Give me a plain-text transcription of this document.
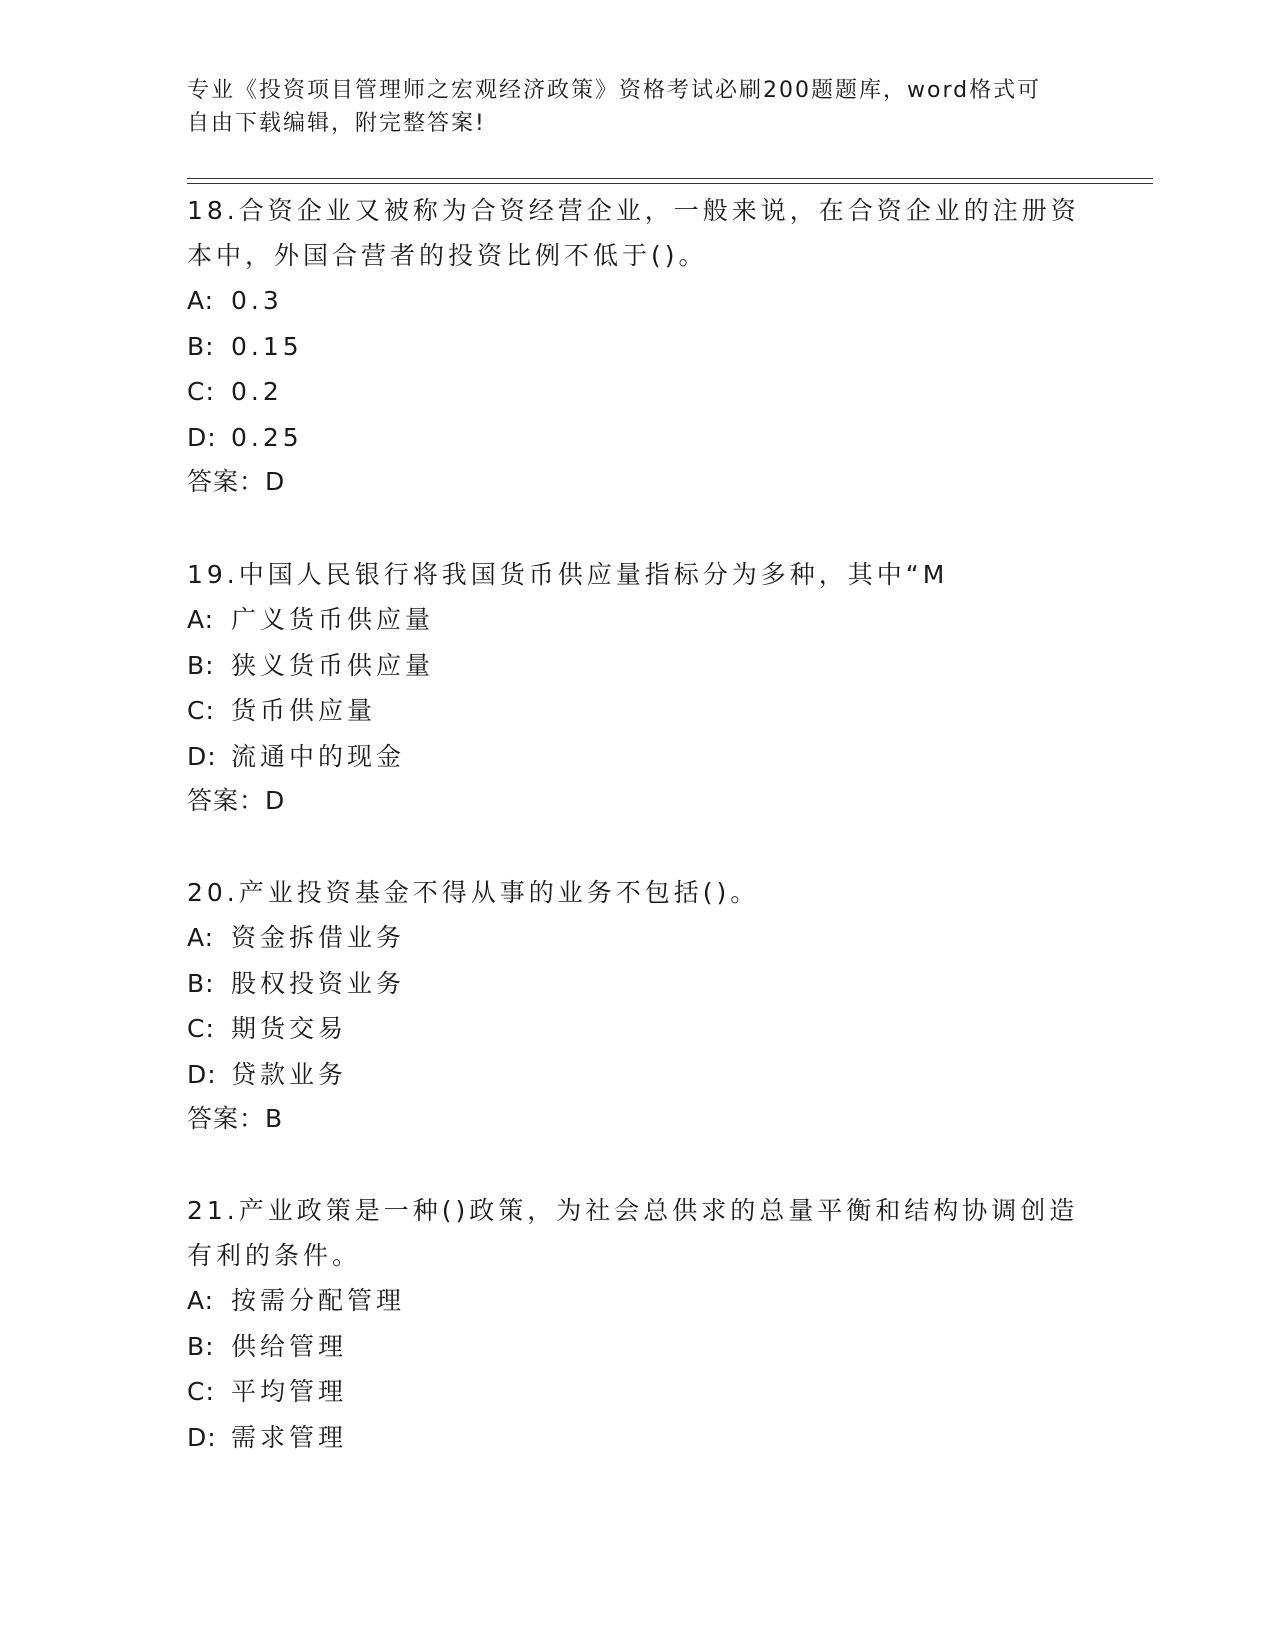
专业《投资项目管理师之宏观经济政策》资格考试必刷200题题库，word格式可
自由下载编辑，附完整答案!

18.合资企业又被称为合资经营企业，一般来说，在合资企业的注册资

本中，外国合营者的投资比例不低于()。

A: 0.3

B: 0.15

C: 0.2

D: 0.25

答案：D

19.中国人民银行将我国货币供应量指标分为多种，其中“M

A: 广义货币供应量

B: 狭义货币供应量

C: 货币供应量

D: 流通中的现金

答案：D

20.产业投资基金不得从事的业务不包括()。

A: 资金拆借业务

B: 股权投资业务

C: 期货交易

D: 贷款业务

答案：B

21.产业政策是一种()政策，为社会总供求的总量平衡和结构协调创造

有利的条件。

A: 按需分配管理

B: 供给管理

C: 平均管理

D: 需求管理
